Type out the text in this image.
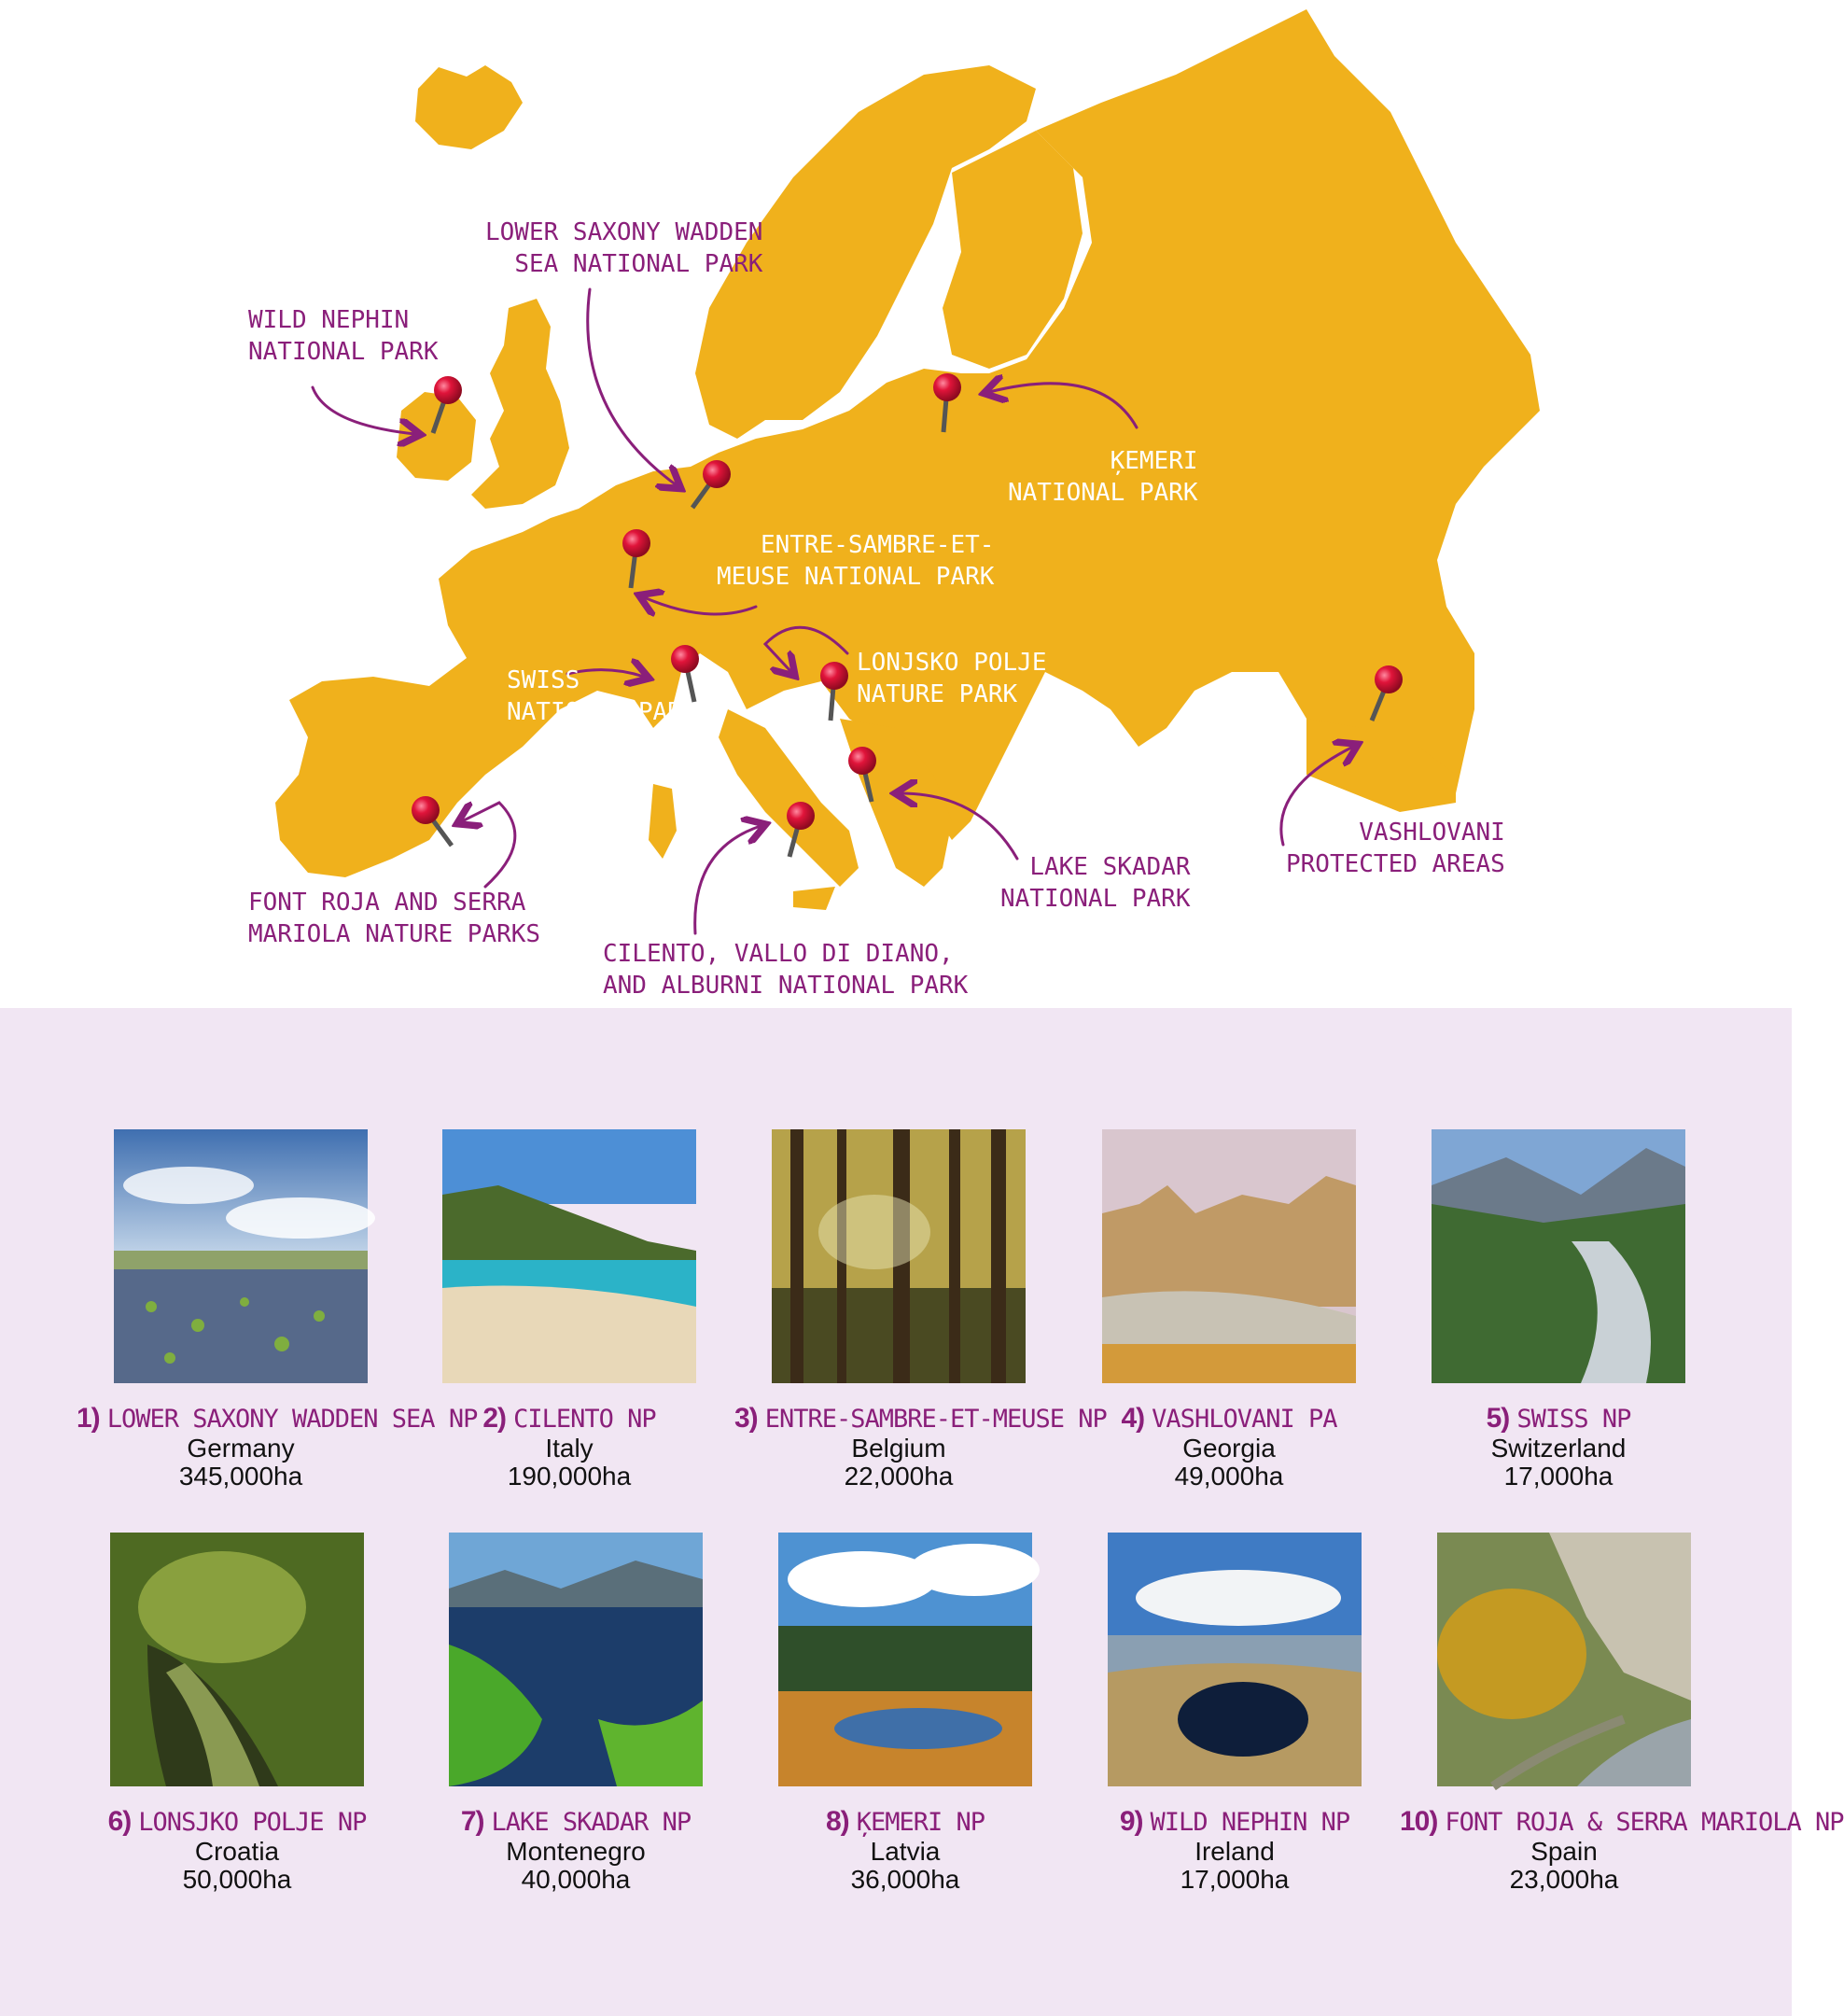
LOWER SAXONY WADDEN
SEA NATIONAL PARK
WILD NEPHIN
NATIONAL PARK
ĶEMERI
NATIONAL PARK
ENTRE-SAMBRE-ET-
MEUSE NATIONAL PARK
SWISS
NATIONAL PARK
LONJSKO POLJE
NATURE PARK
VASHLOVANI
PROTECTED AREAS
LAKE SKADAR
NATIONAL PARK
FONT ROJA AND SERRA
MARIOLA NATURE PARKS
CILENTO, VALLO DI DIANO,
AND ALBURNI NATIONAL PARK
1) LOWER SAXONY WADDEN SEA NP
Germany
345,000ha
2) CILENTO NP
Italy
190,000ha
3) ENTRE-SAMBRE-ET-MEUSE NP
Belgium
22,000ha
4) VASHLOVANI PA
Georgia
49,000ha
5) SWISS NP
Switzerland
17,000ha
6) LONSJKO POLJE NP
Croatia
50,000ha
7) LAKE SKADAR NP
Montenegro
40,000ha
8) ĶEMERI NP
Latvia
36,000ha
9) WILD NEPHIN NP
Ireland
17,000ha
10) FONT ROJA & SERRA MARIOLA NP
Spain
23,000ha
